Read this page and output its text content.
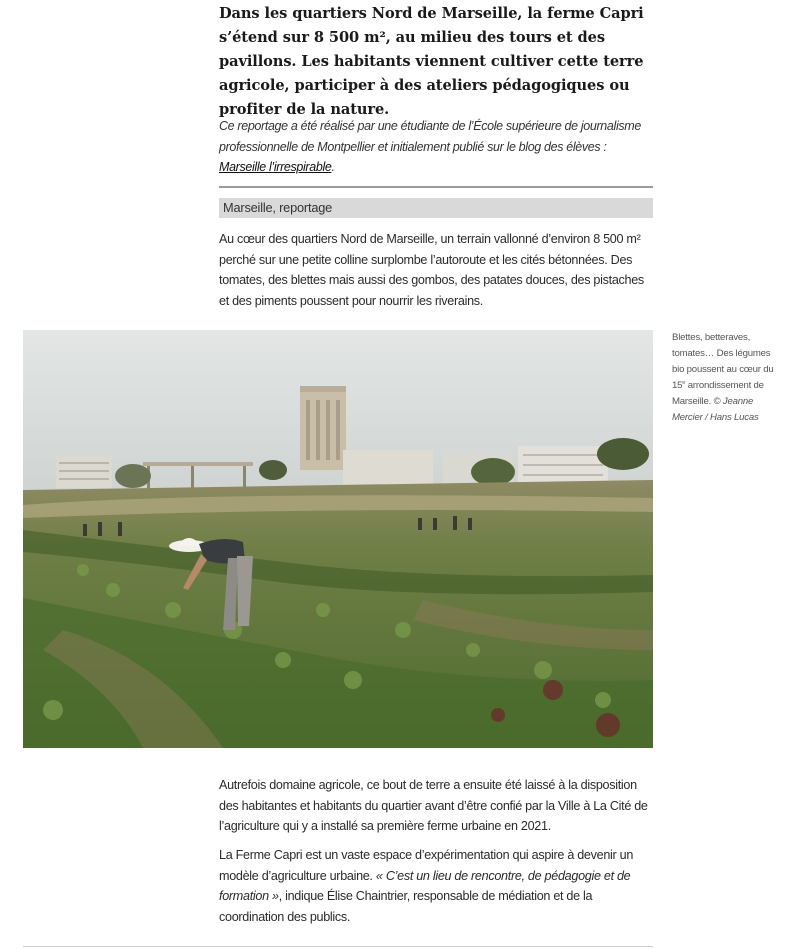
Dans les quartiers Nord de Marseille, la ferme Capri s’étend sur 8 500 m², au milieu des tours et des pavillons. Les habitants viennent cultiver cette terre agricole, participer à des ateliers pédagogiques ou profiter de la nature.
Ce reportage a été réalisé par une étudiante de l’École supérieure de journalisme professionnelle de Montpellier et initialement publié sur le blog des élèves : Marseille l’irrespirable.
Marseille, reportage
Au cœur des quartiers Nord de Marseille, un terrain vallonné d’environ 8 500 m² perché sur une petite colline surplombe l’autoroute et les cités bétonnées. Des tomates, des blettes mais aussi des gombos, des patates douces, des pistaches et des piments poussent pour nourrir les riverains.
Blettes, betteraves, tomates… Des légumes bio poussent au cœur du 15e arrondissement de Marseille. © Jeanne Mercier / Hans Lucas
Autrefois domaine agricole, ce bout de terre a ensuite été laissé à la disposition des habitantes et habitants du quartier avant d’être confié par la Ville à La Cité de l’agriculture qui y a installé sa première ferme urbaine en 2021.
La Ferme Capri est un vaste espace d’expérimentation qui aspire à devenir un modèle d’agriculture urbaine. « C’est un lieu de rencontre, de pédagogie et de formation », indique Élise Chaintrier, responsable de médiation et de la coordination des publics.
